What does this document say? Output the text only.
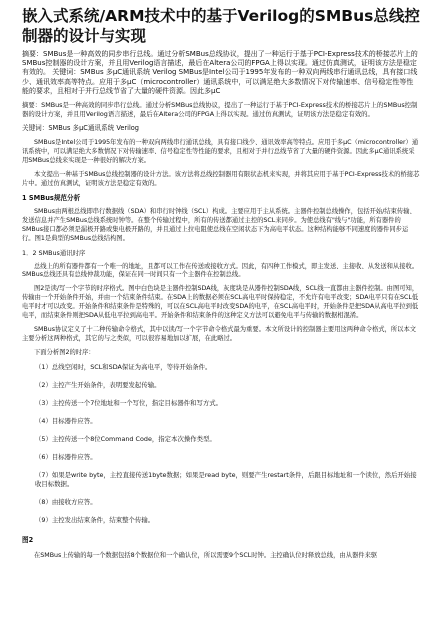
嵌入式系统/ARM技术中的基于Verilog的SMBus总线控制器的设计与实现

摘要：SMBus是一种高效的同步串行总线。通过分析SMBus总线协议，提出了一种运行于基于PCI-Express技术的桥接芯片上的SMBus控制器的设计方案，并且用Verilog语言描述，最后在Altera公司的FPGA上得以实现。通过仿真测试，证明该方法是稳定有效的。 关键词：SMBus 多μC通讯系统 Verilog SMBus是Intel公司于1995年发布的一种双向两线串行通讯总线，具有接口线少、通讯效率高等特点。应用于多μC（microcontroller）通讯系统中，可以满足绝大多数情况下对传输速率、信号稳定性等性能的要求，且相对于并行总线节省了大量的硬件资源。因此多μC

摘要：SMBus是一种高效的同步串行总线。通过分析SMBus总线协议，提出了一种运行于基于PCI-Express技术的桥接芯片上的SMBus控制器的设计方案，并且用Verilog语言描述，最后在Altera公司的FPGA上得以实现。通过仿真测试，证明该方法是稳定有效的。

关键词：SMBus 多μC通讯系统 Verilog

SMBus是Intel公司于1995年发布的一种双向两线串行通讯总线，具有接口线少、通讯效率高等特点。应用于多μC（microcontroller）通讯系统中，可以满足绝大多数情况下对传输速率、信号稳定性等性能的要求，且相对于并行总线节省了大量的硬件资源。因此多μC通讯系统采用SMBus总线来实现是一种很好的解决方案。

本文提出一种基于SMBus总线控制器的设计方法。该方法将总线控制器用有限状态机来实现，并将其应用于基于PCI-Express技术的桥接芯片中。通过仿真测试，证明该方法是稳定有效的。

1 SMBus规范分析

SMBus由两根总线即串行数据线（SDA）和串行时钟线（SCL）构成。主要应用于主从系统。主器件控制总线操作，包括开始/结束传输、发送信息并产生SMBus总线系统时钟等。在整个传输过程中，所有的传送都通过主控的SCL来同步。为使总线有"线与"功能，所有器件的SMBus接口都必须是漏极开路或集电极开路的，并且通过上拉电阻使总线在空闲状态下为高电平状态。这种结构能够不同速度的器件同步运行。图1是典型的SMBus总线结构图。

1．2 SMBus通讯时序

总线上的所有器件都有一个唯一的地址，且都可以工作在传送或接收方式。因此，有四种工作模式，即主发送、主接收、从发送和从接收。SMBus总线还具有总线仲裁功能，保证在同一时间只有一个主器件在控制总线。

图2是读/写一个字节的时序格式。图中白色块是主器件控制SDA线，灰度块是从器件控制SDA线，SCL线一直都由主器件控制。由图可知，传输由一个开始条件开始，并由一个结束条件结束。在SDA上的数据必须在SCL高电平时保持稳定，不允许有电平改变；SDA电平只有在SCL低电平时才可以改变。开始条件和结束条件是特殊的，可以在SCL高电平时改变SDA的电平，在SCL高电平时，开始条件是把SDA从高电平拉到低电平，而结束条件则把SDA从低电平拉到高电平。开始条件和结束条件的这种定义方法可以避免电平与传输的数据相混淆。

SMBus协议定义了十二种传输命令格式，其中以读/写一个字节命令格式最为重要。本文所设计的控制器主要用这两种命令格式，所以本文主要分析这两种格式，其它的与之类似，可以很容易地加以扩展，在此略过。

下面分析图2的时序：

（1）总线空闲时，SCL和SDA保证为高电平，等待开始条件。
（2）主控产生开始条件，表明要发起传输。
（3）主控传送一个7位地址和一个写位，指定目标器件和写方式。
（4）目标器件应答。
（5）主控传送一个8位Command Code，指定本次操作类型。
（6）目标器件应答。
（7）如果是write byte，主控直接传送1byte数据；如果是read byte，则要产生restart条件，后跟目标地址和一个读位，然后开始接收目标数据。
（8）由接收方应答。
（9）主控发出结束条件，结束整个传输。
图2

在SMBus上传输的每一个数据包括8个数据位和一个确认位，所以需要9个SCL时钟。主控确认位时释放总线，由从器件来驱
